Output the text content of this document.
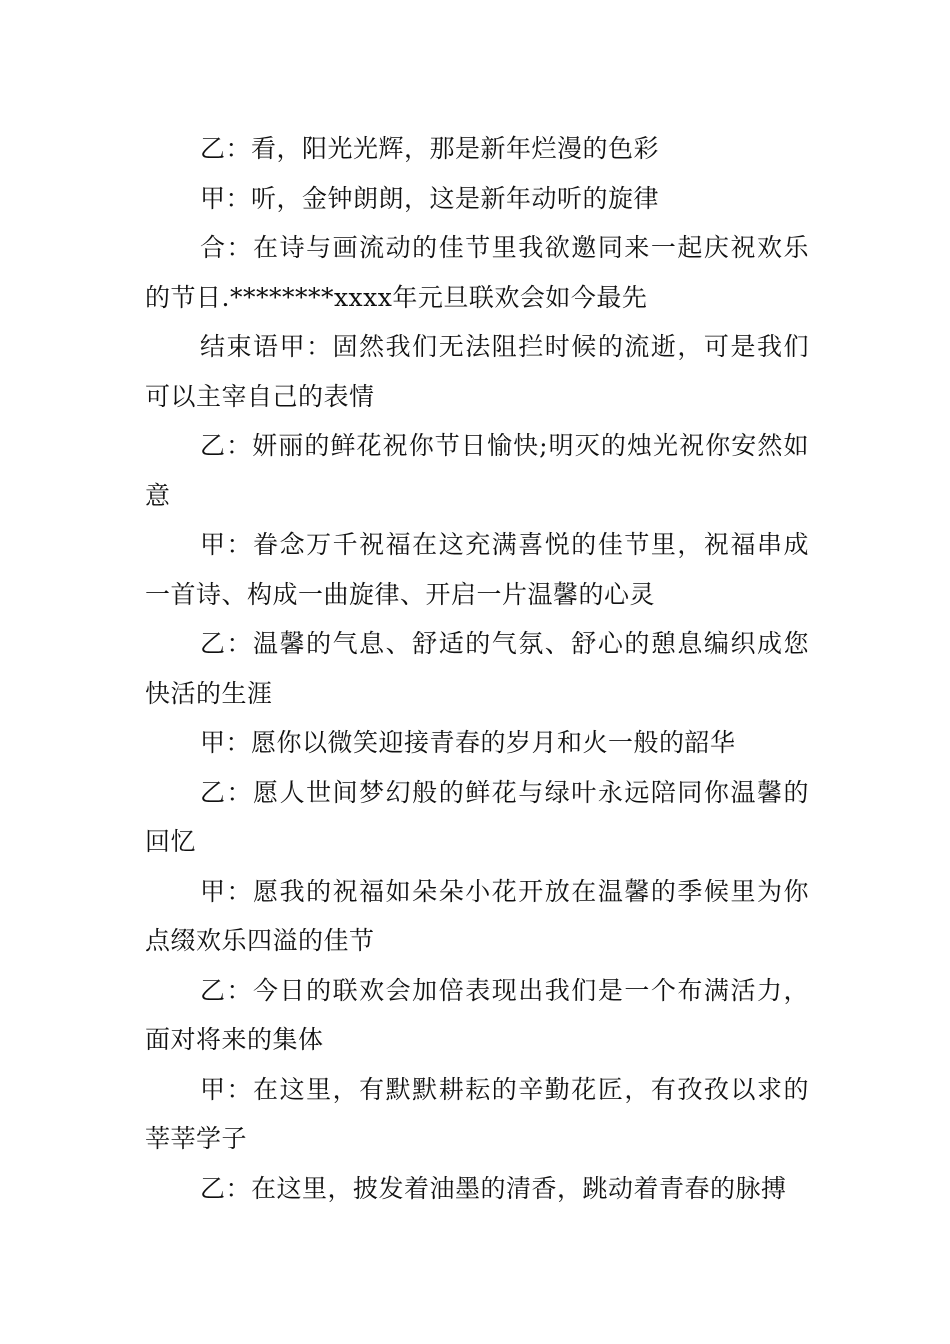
乙：看，阳光光辉，那是新年烂漫的色彩

甲：听，金钟朗朗，这是新年动听的旋律

合：在诗与画流动的佳节里我欲邀同来一起庆祝欢乐的节日.********xxxx年元旦联欢会如今最先

结束语甲：固然我们无法阻拦时候的流逝，可是我们可以主宰自己的表情

乙：妍丽的鲜花祝你节日愉快;明灭的烛光祝你安然如意

甲：眷念万千祝福在这充满喜悦的佳节里，祝福串成一首诗、构成一曲旋律、开启一片温馨的心灵

乙：温馨的气息、舒适的气氛、舒心的憩息编织成您快活的生涯

甲：愿你以微笑迎接青春的岁月和火一般的韶华

乙：愿人世间梦幻般的鲜花与绿叶永远陪同你温馨的回忆

甲：愿我的祝福如朵朵小花开放在温馨的季候里为你点缀欢乐四溢的佳节

乙：今日的联欢会加倍表现出我们是一个布满活力，面对将来的集体

甲：在这里，有默默耕耘的辛勤花匠，有孜孜以求的莘莘学子

乙：在这里，披发着油墨的清香，跳动着青春的脉搏
